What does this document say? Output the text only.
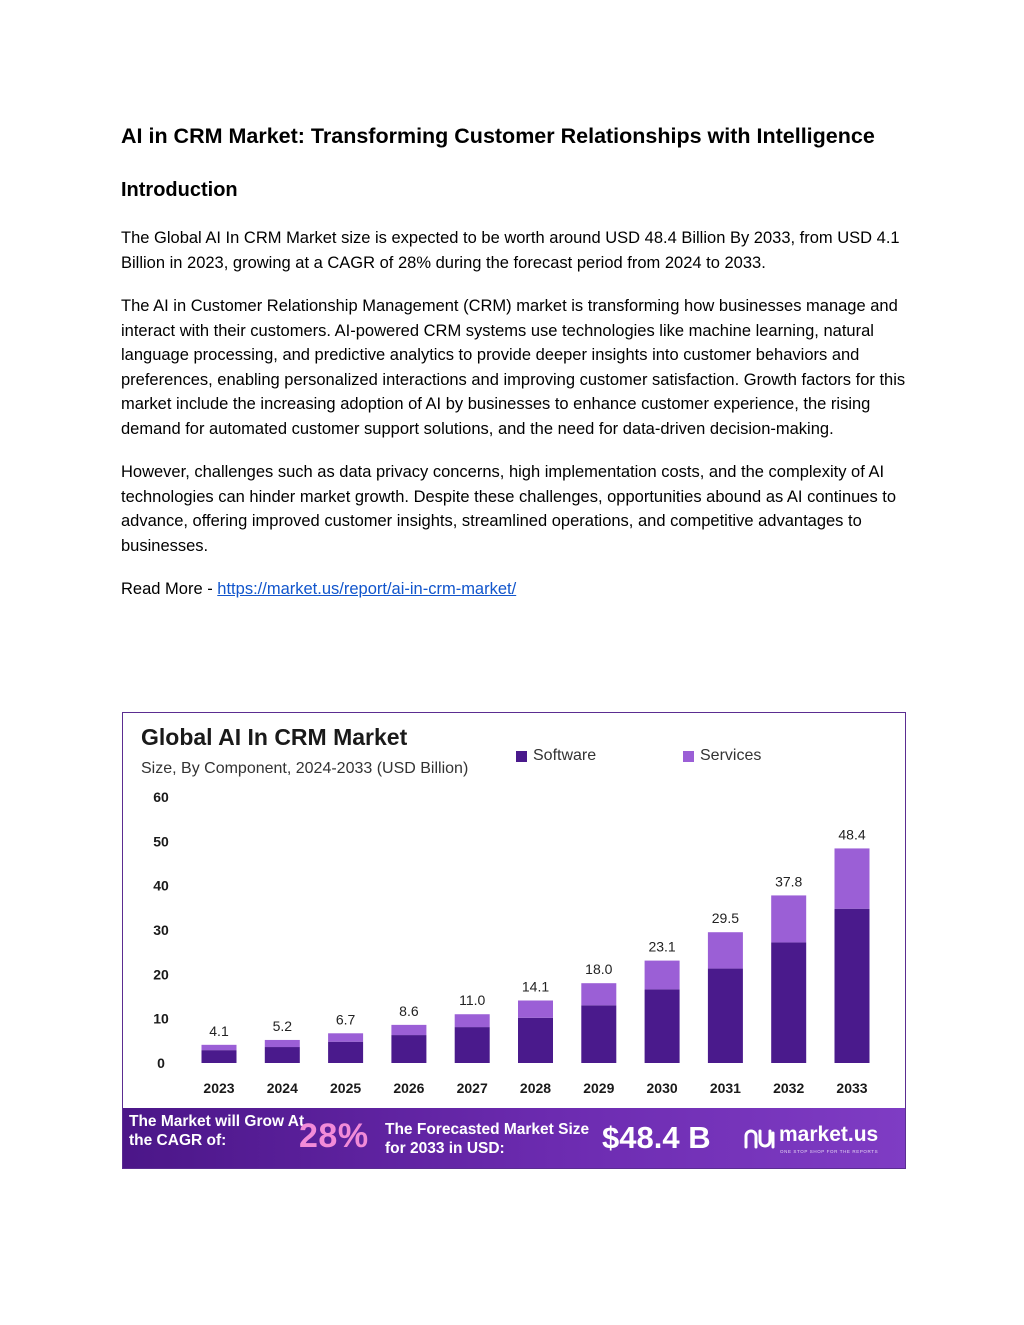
AI in CRM Market: Transforming Customer Relationships with Intelligence
Introduction

The Global AI In CRM Market size is expected to be worth around USD 48.4 Billion By 2033, from USD 4.1 Billion in 2023, growing at a CAGR of 28% during the forecast period from 2024 to 2033.

The AI in Customer Relationship Management (CRM) market is transforming how businesses manage and interact with their customers. AI-powered CRM systems use technologies like machine learning, natural language processing, and predictive analytics to provide deeper insights into customer behaviors and preferences, enabling personalized interactions and improving customer satisfaction. Growth factors for this market include the increasing adoption of AI by businesses to enhance customer experience, the rising demand for automated customer support solutions, and the need for data-driven decision-making.

However, challenges such as data privacy concerns, high implementation costs, and the complexity of AI technologies can hinder market growth. Despite these challenges, opportunities abound as AI continues to advance, offering improved customer insights, streamlined operations, and competitive advantages to businesses.

Read More - https://market.us/report/ai-in-crm-market/

0
10
20
30
40
50
60
4.1
2023
5.2
2024
6.7
2025
8.6
2026
11.0
2027
14.1
2028
18.0
2029
23.1
2030
29.5
2031
37.8
2032
48.4
2033
Global AI In CRM Market
Size, By Component, 2024-2033 (USD Billion)
Software	Services
The Market will Grow At the CAGR of:	28% The Forecasted Market Size for 2033 in USD:	$48.4 B	market.us
ONE STOP SHOP FOR THE REPORTS
